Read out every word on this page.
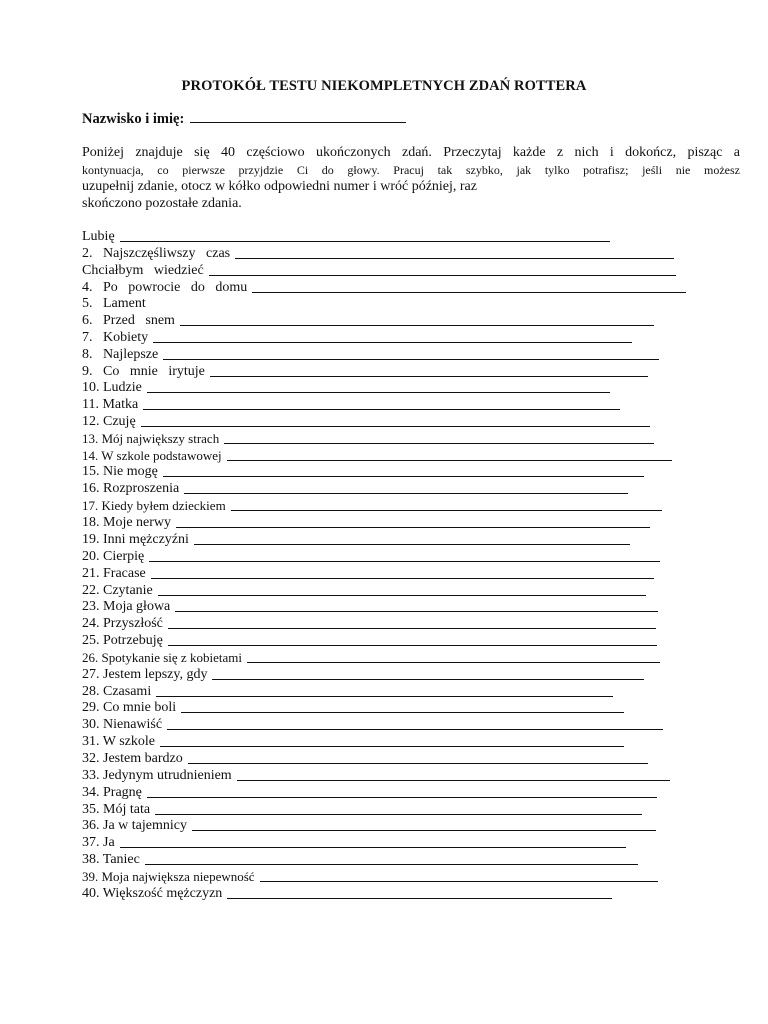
PROTOKÓŁ TESTU NIEKOMPLETNYCH ZDAŃ ROTTERA
Nazwisko i imię:
Poniżej znajduje się 40 częściowo ukończonych zdań. Przeczytaj każde z nich i dokończ, pisząc a
kontynuacja, co pierwsze przyjdzie Ci do głowy. Pracuj tak szybko, jak tylko potrafisz; jeśli nie możesz
uzupełnij zdanie, otocz w kółko odpowiedni numer i wróć później, raz
skończono pozostałe zdania.
Lubię
2.   Najszczęśliwszy   czas
Chciałbym   wiedzieć
4.   Po   powrocie   do   domu
5.   Lament
6.   Przed   snem
7.   Kobiety
8.   Najlepsze
9.   Co   mnie   irytuje
10. Ludzie
11. Matka
12. Czuję
13. Mój największy strach
14. W szkole podstawowej
15. Nie mogę
16. Rozproszenia
17. Kiedy byłem dzieckiem
18. Moje nerwy
19. Inni mężczyźni
20. Cierpię
21. Fracase
22. Czytanie
23. Moja głowa
24. Przyszłość
25. Potrzebuję
26. Spotykanie się z kobietami
27. Jestem lepszy, gdy
28. Czasami
29. Co mnie boli
30. Nienawiść
31. W szkole
32. Jestem bardzo
33. Jedynym utrudnieniem
34. Pragnę
35. Mój tata
36. Ja w tajemnicy
37. Ja
38. Taniec
39. Moja największa niepewność
40. Większość mężczyzn
